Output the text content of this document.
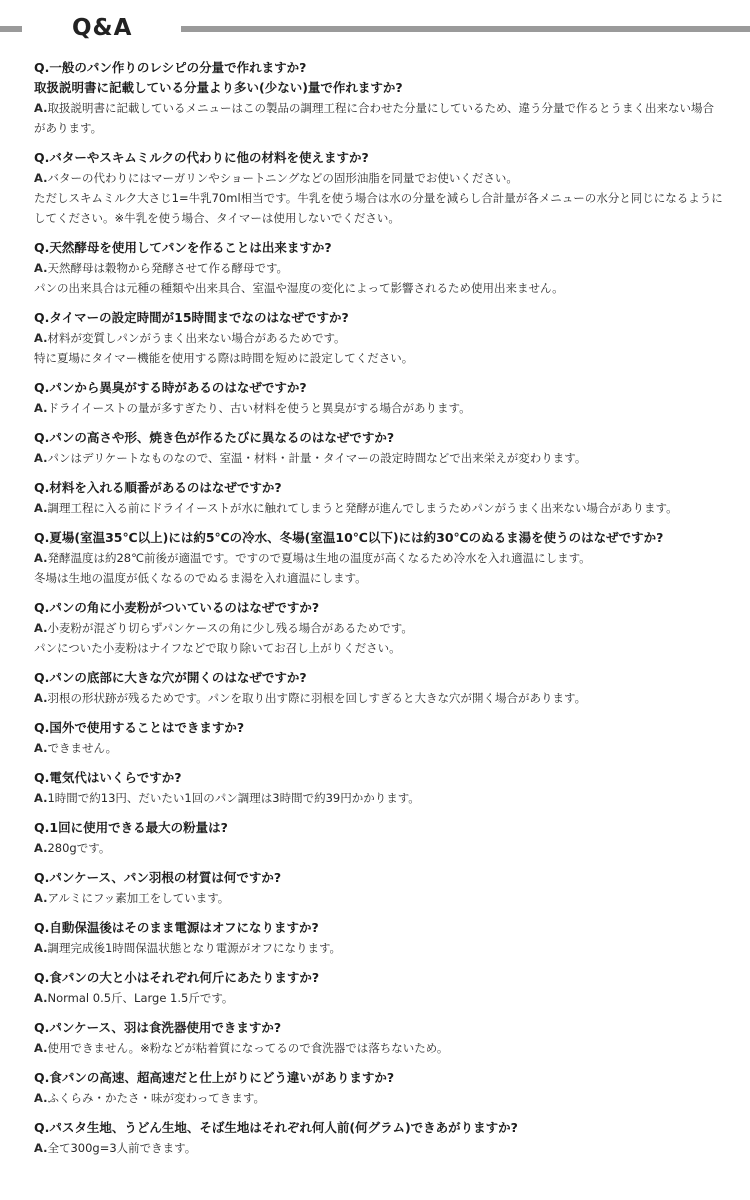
Q&A
Q.一般のパン作りのレシピの分量で作れますか?
取扱説明書に記載している分量より多い(少ない)量で作れますか?
A.取扱説明書に記載しているメニューはこの製品の調理工程に合わせた分量にしているため、違う分量で作るとうまく出来ない場合があります。
Q.バターやスキムミルクの代わりに他の材料を使えますか?
A.バターの代わりにはマーガリンやショートニングなどの固形油脂を同量でお使いください。
ただしスキムミルク大さじ1=牛乳70ml相当です。牛乳を使う場合は水の分量を減らし合計量が各メニューの水分と同じになるようにしてください。※牛乳を使う場合、タイマーは使用しないでください。
Q.天然酵母を使用してパンを作ることは出来ますか?
A.天然酵母は穀物から発酵させて作る酵母です。
パンの出来具合は元種の種類や出来具合、室温や湿度の変化によって影響されるため使用出来ません。
Q.タイマーの設定時間が15時間までなのはなぜですか?
A.材料が変質しパンがうまく出来ない場合があるためです。
特に夏場にタイマー機能を使用する際は時間を短めに設定してください。
Q.パンから異臭がする時があるのはなぜですか?
A.ドライイーストの量が多すぎたり、古い材料を使うと異臭がする場合があります。
Q.パンの高さや形、焼き色が作るたびに異なるのはなぜですか?
A.パンはデリケートなものなので、室温・材料・計量・タイマーの設定時間などで出来栄えが変わります。
Q.材料を入れる順番があるのはなぜですか?
A.調理工程に入る前にドライイーストが水に触れてしまうと発酵が進んでしまうためパンがうまく出来ない場合があります。
Q.夏場(室温35℃以上)には約5℃の冷水、冬場(室温10℃以下)には約30℃のぬるま湯を使うのはなぜですか?
A.発酵温度は約28℃前後が適温です。ですので夏場は生地の温度が高くなるため冷水を入れ適温にします。
冬場は生地の温度が低くなるのでぬるま湯を入れ適温にします。
Q.パンの角に小麦粉がついているのはなぜですか?
A.小麦粉が混ざり切らずパンケースの角に少し残る場合があるためです。
パンについた小麦粉はナイフなどで取り除いてお召し上がりください。
Q.パンの底部に大きな穴が開くのはなぜですか?
A.羽根の形状跡が残るためです。パンを取り出す際に羽根を回しすぎると大きな穴が開く場合があります。
Q.国外で使用することはできますか?
A.できません。
Q.電気代はいくらですか?
A.1時間で約13円、だいたい1回のパン調理は3時間で約39円かかります。
Q.1回に使用できる最大の粉量は?
A.280gです。
Q.パンケース、パン羽根の材質は何ですか?
A.アルミにフッ素加工をしています。
Q.自動保温後はそのまま電源はオフになりますか?
A.調理完成後1時間保温状態となり電源がオフになります。
Q.食パンの大と小はそれぞれ何斤にあたりますか?
A.Normal 0.5斤、Large 1.5斤です。
Q.パンケース、羽は食洗器使用できますか?
A.使用できません。※粉などが粘着質になってるので食洗器では落ちないため。
Q.食パンの高速、超高速だと仕上がりにどう違いがありますか?
A.ふくらみ・かたさ・味が変わってきます。
Q.パスタ生地、うどん生地、そば生地はそれぞれ何人前(何グラム)できあがりますか?
A.全て300g=3人前できます。
